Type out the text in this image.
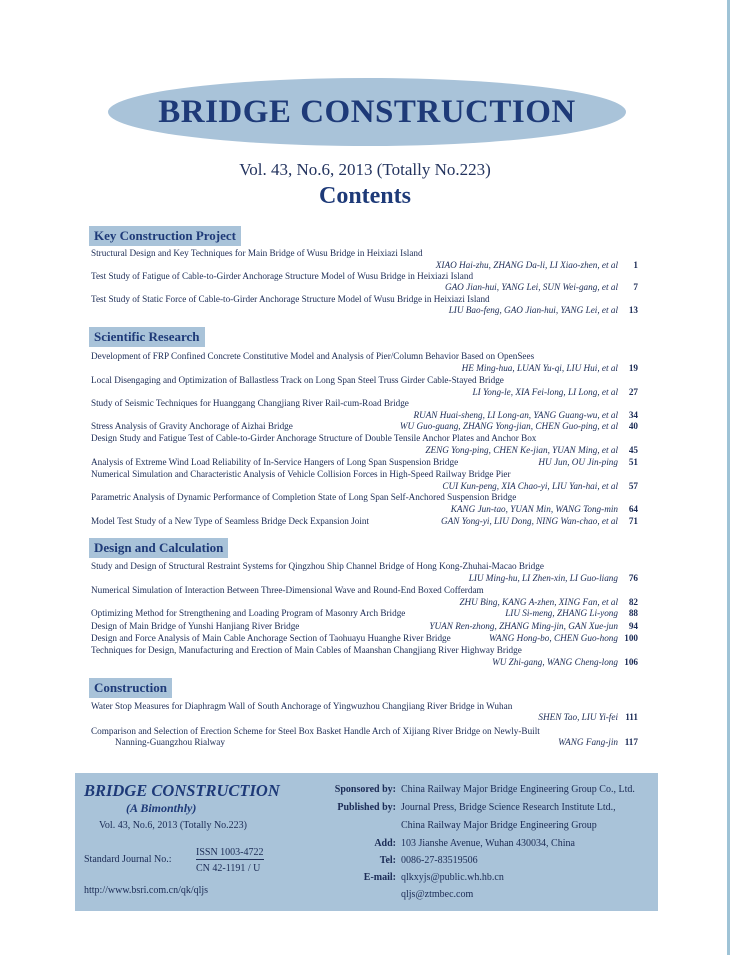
BRIDGE CONSTRUCTION
Vol. 43, No.6, 2013 (Totally No.223)
Contents
Key Construction Project
Structural Design and Key Techniques for Main Bridge of Wusu Bridge in Heixiazi Island
XIAO Hai-zhu, ZHANG Da-li, LI Xiao-zhen, et al	1
Test Study of Fatigue of Cable-to-Girder Anchorage Structure Model of Wusu Bridge in Heixiazi Island
GAO Jian-hui, YANG Lei, SUN Wei-gang, et al	7
Test Study of Static Force of Cable-to-Girder Anchorage Structure Model of Wusu Bridge in Heixiazi Island
LIU Bao-feng, GAO Jian-hui, YANG Lei, et al	13
Scientific Research
Development of FRP Confined Concrete Constitutive Model and Analysis of Pier/Column Behavior Based on OpenSees
HE Ming-hua, LUAN Yu-qi, LIU Hui, et al	19
Local Disengaging and Optimization of Ballastless Track on Long Span Steel Truss Girder Cable-Stayed Bridge
LI Yong-le, XIA Fei-long, LI Long, et al	27
Study of Seismic Techniques for Huanggang Changjiang River Rail-cum-Road Bridge
RUAN Huai-sheng, LI Long-an, YANG Guang-wu, et al	34
Stress Analysis of Gravity Anchorage of Aizhai Bridge	WU Guo-guang, ZHANG Yong-jian, CHEN Guo-ping, et al	40
Design Study and Fatigue Test of Cable-to-Girder Anchorage Structure of Double Tensile Anchor Plates and Anchor Box
ZENG Yong-ping, CHEN Ke-jian, YUAN Ming, et al	45
Analysis of Extreme Wind Load Reliability of In-Service Hangers of Long Span Suspension Bridge	HU Jun, OU Jin-ping	51
Numerical Simulation and Characteristic Analysis of Vehicle Collision Forces in High-Speed Railway Bridge Pier
CUI Kun-peng, XIA Chao-yi, LIU Yan-hai, et al	57
Parametric Analysis of Dynamic Performance of Completion State of Long Span Self-Anchored Suspension Bridge
KANG Jun-tao, YUAN Min, WANG Tong-min	64
Model Test Study of a New Type of Seamless Bridge Deck Expansion Joint	GAN Yong-yi, LIU Dong, NING Wan-chao, et al	71
Design and Calculation
Study and Design of Structural Restraint Systems for Qingzhou Ship Channel Bridge of Hong Kong-Zhuhai-Macao Bridge
LIU Ming-hu, LI Zhen-xin, LI Guo-liang	76
Numerical Simulation of Interaction Between Three-Dimensional Wave and Round-End Boxed Cofferdam
ZHU Bing, KANG A-zhen, XING Fan, et al	82
Optimizing Method for Strengthening and Loading Program of Masonry Arch Bridge	LIU Si-meng, ZHANG Li-yong	88
Design of Main Bridge of Yunshi Hanjiang River Bridge	YUAN Ren-zhong, ZHANG Ming-jin, GAN Xue-jun	94
Design and Force Analysis of Main Cable Anchorage Section of Taohuayu Huanghe River Bridge	WANG Hong-bo, CHEN Guo-hong 100
Techniques for Design, Manufacturing and Erection of Main Cables of Maanshan Changjiang River Highway Bridge
WU Zhi-gang, WANG Cheng-long 106
Construction
Water Stop Measures for Diaphragm Wall of South Anchorage of Yingwuzhou Changjiang River Bridge in Wuhan
SHEN Tao, LIU Yi-fei 111
Comparison and Selection of Erection Scheme for Steel Box Basket Handle Arch of Xijiang River Bridge on Newly-Built
Nanning-Guangzhou Rialway	WANG Fang-jin 117
BRIDGE CONSTRUCTION
(A Bimonthly)
Vol. 43, No.6, 2013 (Totally No.223)
Standard Journal No.:
ISSN 1003-4722
CN 42-1191 / U
http://www.bsri.com.cn/qk/qljs
Sponsored by: China Railway Major Bridge Engineering Group Co., Ltd.
Published by: Journal Press, Bridge Science Research Institute Ltd.,
China Railway Major Bridge Engineering Group
Add: 103 Jianshe Avenue, Wuhan 430034, China
Tel: 0086-27-83519506
E-mail: qlkxyjs@public.wh.hb.cn
qljs@ztmbec.com
